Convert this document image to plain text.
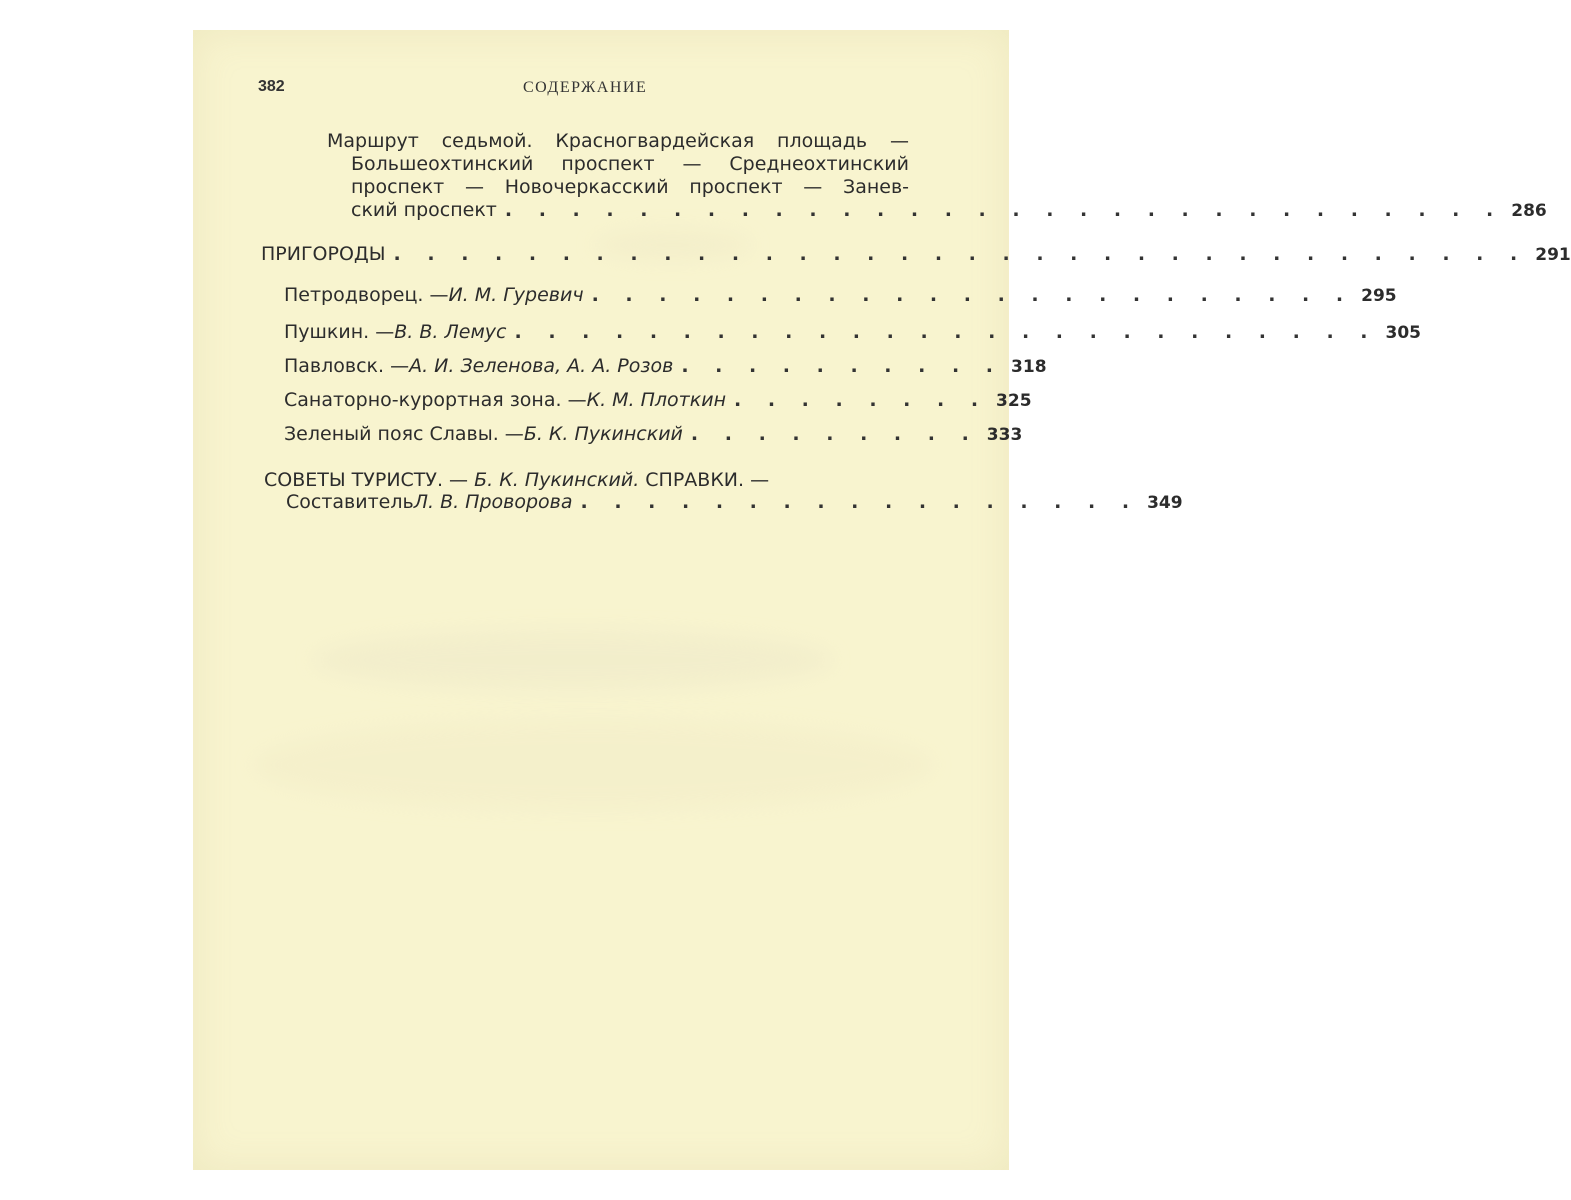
382	СОДЕРЖАНИЕ
Маршрут седьмой. Красногвардейская площадь —
Большеохтинский проспект — Среднеохтинский
проспект — Новочеркасский проспект — Занев-
ский проспект . . . . . . . . . . . . . . . . . . . . . . . . . . . . . . 286
ПРИГОРОДЫ . . . . . . . . . . . . . . . . . . . . . . . . . . . . . . . . . . 291
Петродворец. — И. М. Гуревич . . . . . . . . . . . . . . . . . . . . . . . 295
Пушкин. — В. В. Лемус . . . . . . . . . . . . . . . . . . . . . . . . . . 305
Павловск. — А. И. Зеленова, А. А. Розов . . . . . . . . . . 318
Санаторно-курортная зона. — К. М. Плоткин . . . . . . . . 325
Зеленый пояс Славы. — Б. К. Пукинский . . . . . . . . . 333
СОВЕТЫ ТУРИСТУ. — Б. К. Пукинский. СПРАВКИ. —
Составитель Л. В. Проворова . . . . . . . . . . . . . . . . . 349
